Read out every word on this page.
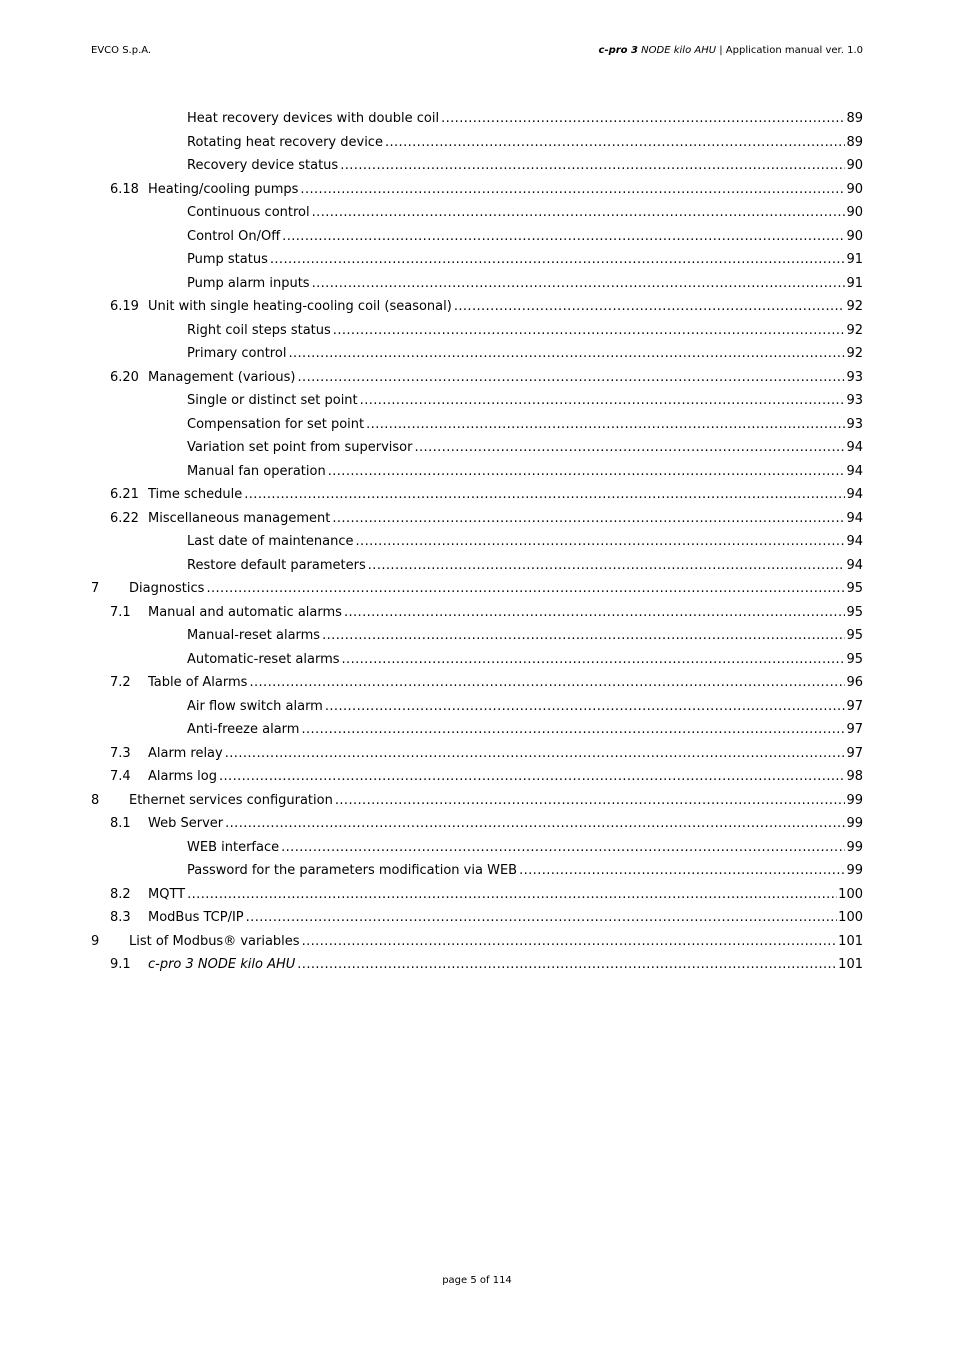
EVCO S.p.A.	c-pro 3 NODE kilo AHU | Application manual ver. 1.0
Heat recovery devices with double coil .....	89
Rotating heat recovery device .....	89
Recovery device status .....	90
6.18 Heating/cooling pumps .....	90
Continuous control .....	90
Control On/Off .....	90
Pump status .....	91
Pump alarm inputs .....	91
6.19 Unit with single heating-cooling coil (seasonal) .....	92
Right coil steps status .....	92
Primary control .....	92
6.20 Management (various) .....	93
Single or distinct set point .....	93
Compensation for set point .....	93
Variation set point from supervisor .....	94
Manual fan operation .....	94
6.21 Time schedule .....	94
6.22 Miscellaneous management .....	94
Last date of maintenance .....	94
Restore default parameters .....	94
7 Diagnostics .....	95
7.1 Manual and automatic alarms .....	95
Manual-reset alarms .....	95
Automatic-reset alarms .....	95
7.2 Table of Alarms .....	96
Air flow switch alarm .....	97
Anti-freeze alarm .....	97
7.3 Alarm relay .....	97
7.4 Alarms log .....	98
8 Ethernet services configuration .....	99
8.1 Web Server .....	99
WEB interface .....	99
Password for the parameters modification via WEB .....	99
8.2 MQTT .....	100
8.3 ModBus TCP/IP .....	100
9 List of Modbus® variables .....	101
9.1 c-pro 3 NODE kilo AHU .....	101
page 5 of 114
